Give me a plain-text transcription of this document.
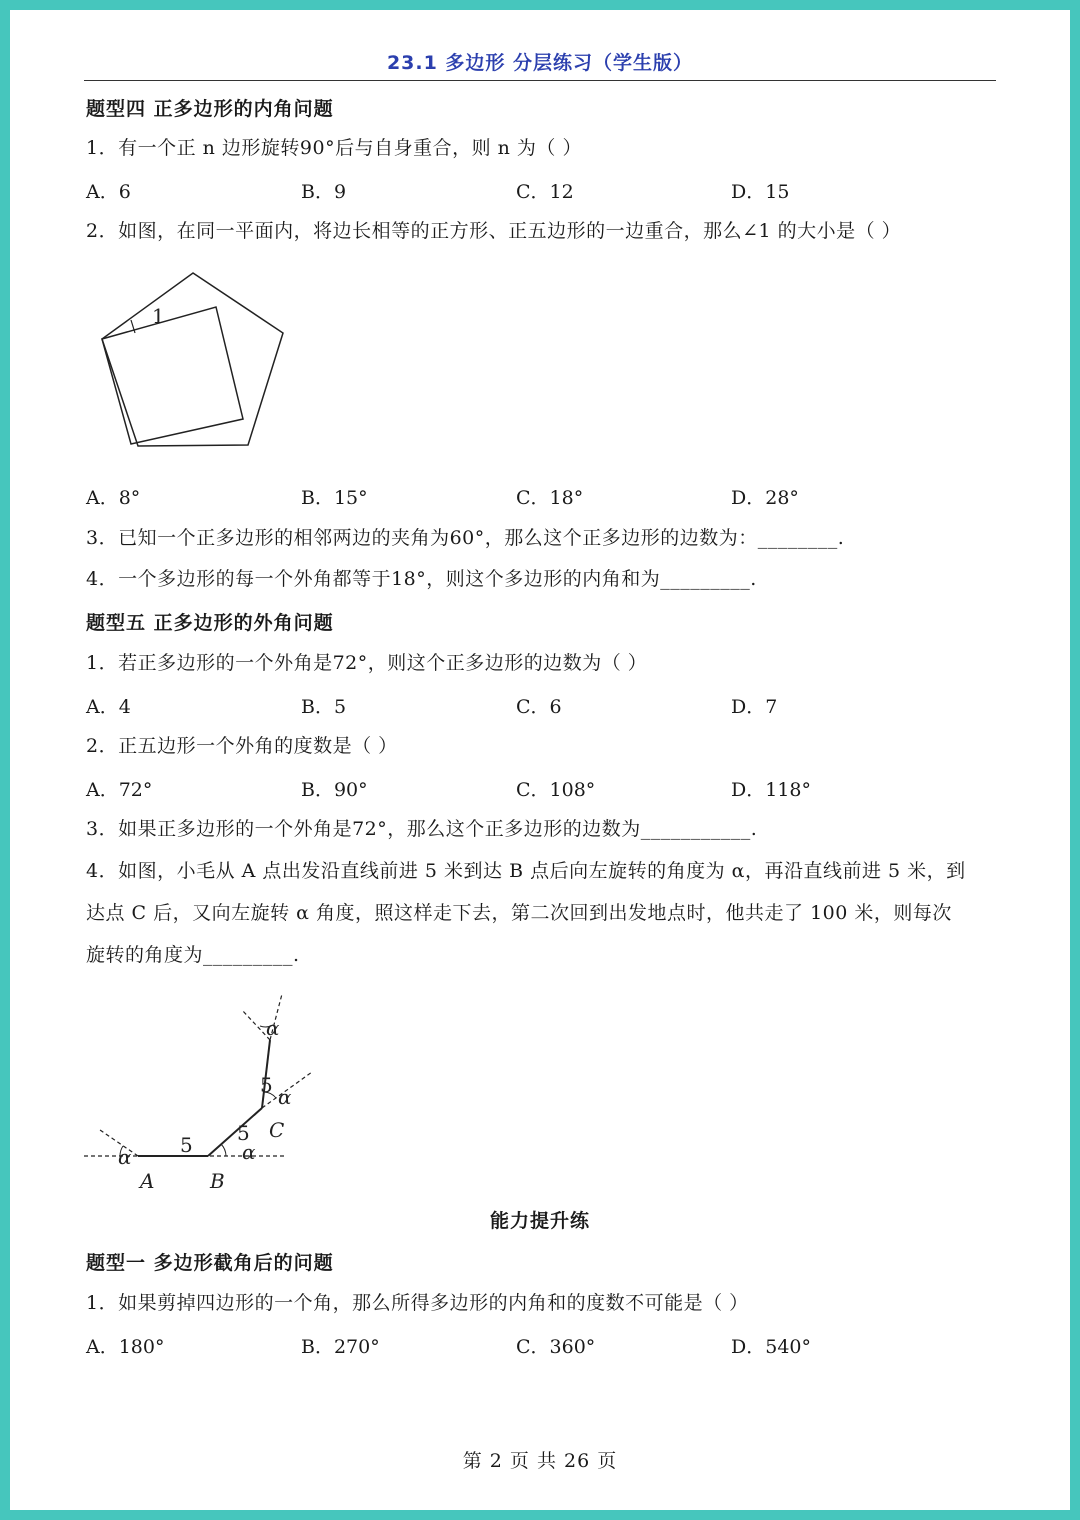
23.1 多边形 分层练习（学生版）
题型四 正多边形的内角问题
1．有一个正 n 边形旋转90°后与自身重合，则 n 为（ ）
A．6	B．9	C．12	D．15
2．如图，在同一平面内，将边长相等的正方形、正五边形的一边重合，那么∠1 的大小是（ ）
1
A．8°	B．15°	C．18°	D．28°
3．已知一个正多边形的相邻两边的夹角为60°，那么这个正多边形的边数为：________.
4．一个多边形的每一个外角都等于18°，则这个多边形的内角和为_________.
题型五 正多边形的外角问题
1．若正多边形的一个外角是72°，则这个正多边形的边数为（ ）
A．4	B．5	C．6	D．7
2．正五边形一个外角的度数是（ ）
A．72°	B．90°	C．108°	D．118°
3．如果正多边形的一个外角是72°，那么这个正多边形的边数为___________.
4．如图，小毛从 A 点出发沿直线前进 5 米到达 B 点后向左旋转的角度为 α，再沿直线前进 5 米，到
达点 C 后，又向左旋转 α 角度，照这样走下去，第二次回到出发地点时，他共走了 100 米，则每次
旋转的角度为_________.
α	α
α
α
5 5
5
A	B
C
能力提升练
题型一 多边形截角后的问题
1．如果剪掉四边形的一个角，那么所得多边形的内角和的度数不可能是（ ）
A．180°	B．270°	C．360°	D．540°
第 2 页 共 26 页
